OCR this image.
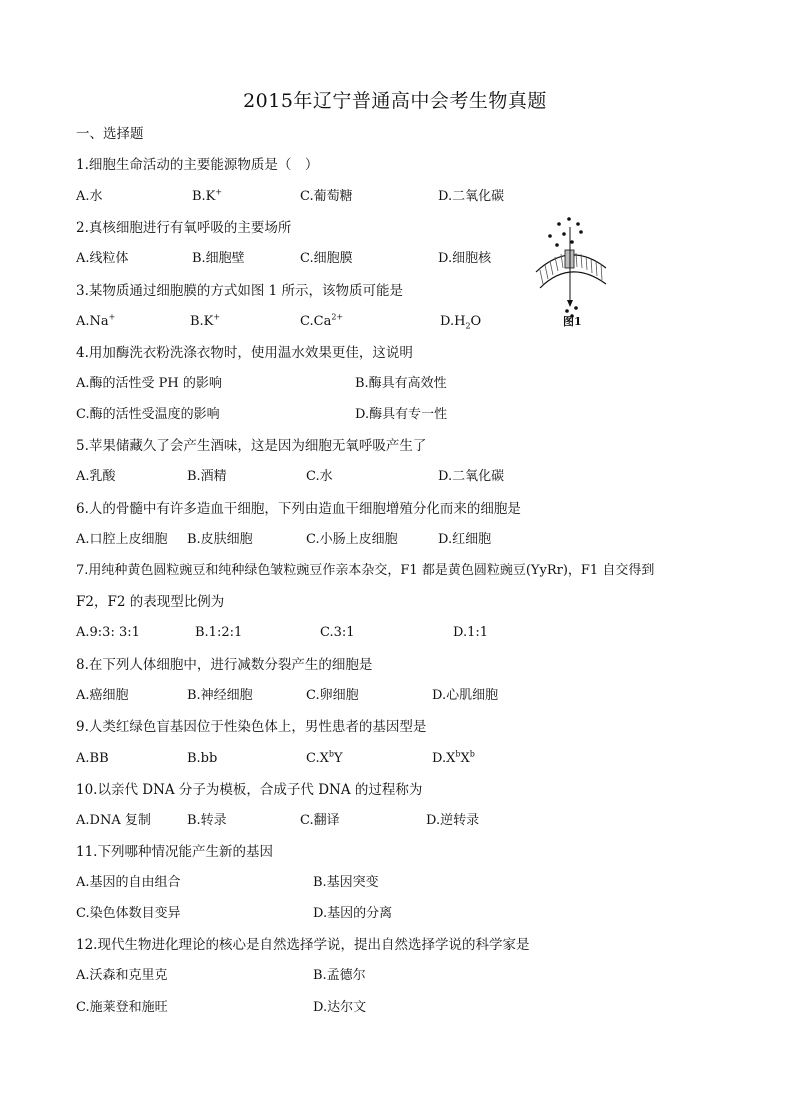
2015年辽宁普通高中会考生物真题
一、选择题
1.细胞生命活动的主要能源物质是（　）
A.水	B.K+	C.葡萄糖	D.二氧化碳
2.真核细胞进行有氧呼吸的主要场所
A.线粒体	B.细胞壁	C.细胞膜	D.细胞核
图1
3.某物质通过细胞膜的方式如图 1 所示，该物质可能是
A.Na+	B.K+	$C.Ca^{2+}$	$D.H_2O$
4.用加酶洗衣粉洗涤衣物时，使用温水效果更佳，这说明
A.酶的活性受 PH 的影响	B.酶具有高效性
C.酶的活性受温度的影响	D.酶具有专一性
5.苹果储藏久了会产生酒味，这是因为细胞无氧呼吸产生了
A.乳酸	B.酒精	C.水	D.二氧化碳
6.人的骨髓中有许多造血干细胞，下列由造血干细胞增殖分化而来的细胞是
A.口腔上皮细胞 B.皮肤细胞	C.小肠上皮细胞	D.红细胞
7.用纯种黄色圆粒豌豆和纯种绿色皱粒豌豆作亲本杂交，F1 都是黄色圆粒豌豆(YyRr)，F1 自交得到
F2，F2 的表现型比例为
A.9:3: 3:1	B.1:2:1	C.3:1	D.1:1
8.在下列人体细胞中，进行减数分裂产生的细胞是
A.癌细胞	B.神经细胞	C.卵细胞	D.心肌细胞
9.人类红绿色盲基因位于性染色体上，男性患者的基因型是
A.BB	B.bb	$C.X^bY$	$D.X^bX^b$
10.以亲代 DNA 分子为模板，合成子代 DNA 的过程称为
A.DNA 复制	B.转录	C.翻译	D.逆转录
11.下列哪种情况能产生新的基因
A.基因的自由组合	B.基因突变
C.染色体数目变异	D.基因的分离
12.现代生物进化理论的核心是自然选择学说，提出自然选择学说的科学家是
A.沃森和克里克	B.孟德尔
C.施莱登和施旺	D.达尔文
